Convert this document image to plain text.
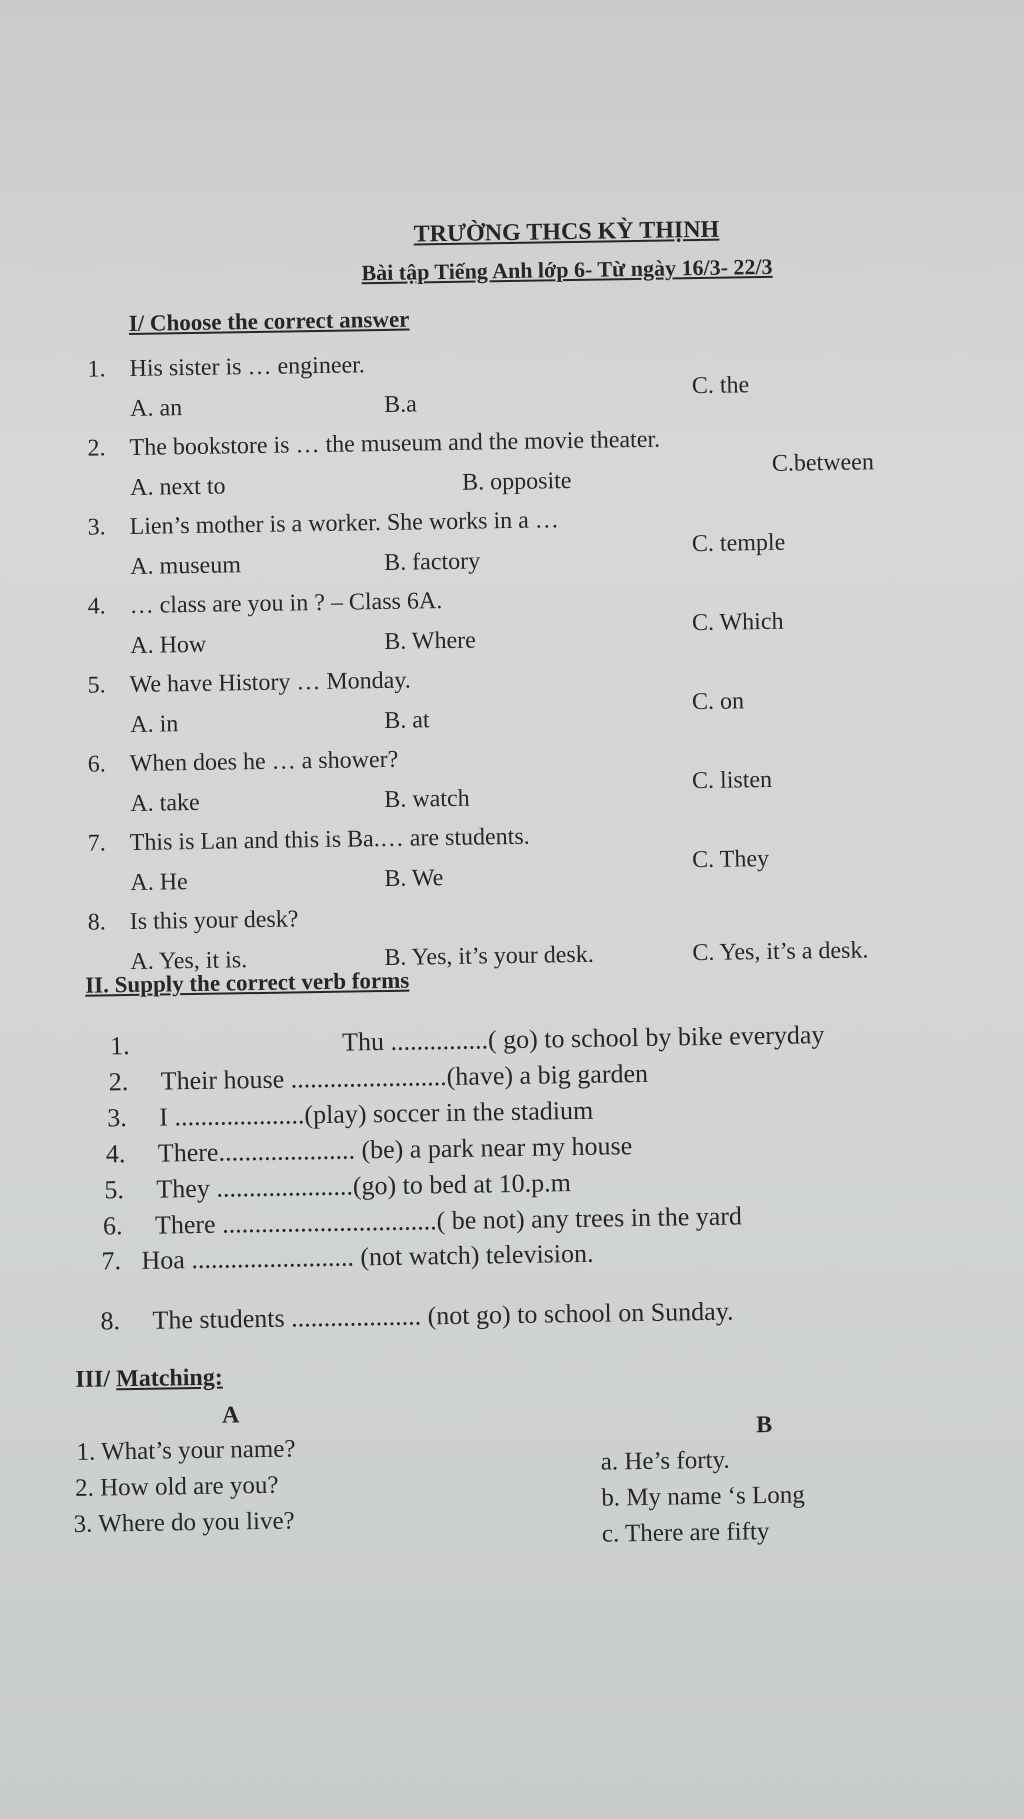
TRƯỜNG THCS KỲ THỊNH
Bài tập Tiếng Anh lớp 6- Từ ngày 16/3- 22/3
I/ Choose the correct answer
1. His sister is … engineer.
A. an	B.a
C. the
2. The bookstore is … the museum and the movie theater.
A. next to	B. opposite
C.between
3. Lien’s mother is a worker. She works in a …
A. museum	B. factory
C. temple
4. … class are you in ? – Class 6A.
A. How	B. Where
C. Which
5. We have History … Monday.
A. in	B. at
C. on
6. When does he … a shower?
A. take	B. watch
C. listen
7. This is Lan and this is Ba.… are students.
A. He	B. We
C. They
8. Is this your desk?
A. Yes, it is.	B. Yes, it’s your desk.	C. Yes, it’s a desk.
II. Supply the correct verb forms
1.	Thu ...............( go) to school by bike everyday
2. Their house ........................(have) a big garden
3. I ....................(play) soccer in the stadium
4. There..................... (be) a park near my house
5. They .....................(go) to bed at 10.p.m
6. There .................................( be not) any trees in the yard
7. Hoa ......................... (not watch) television.
8. The students .................... (not go) to school on Sunday.
III/ Matching:
A	B
1. What’s your name?
2. How old are you?
3. Where do you live?
a. He’s forty.
b. My name ‘s Long
c. There are fifty
